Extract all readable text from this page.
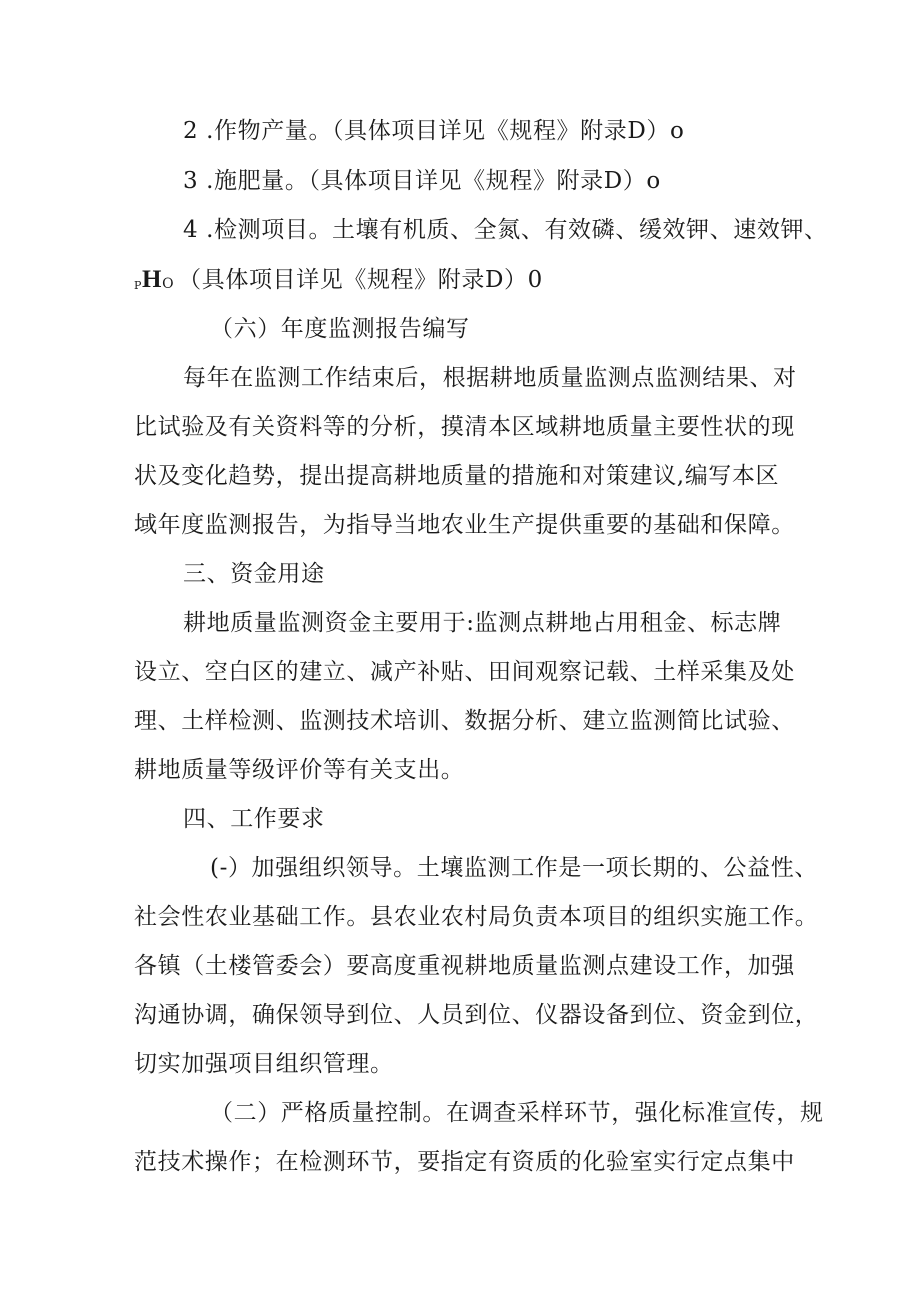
2 .作物产量。（具体项目详见《规程》附录D）o
3 .施肥量。（具体项目详见《规程》附录D）o
4 .检测项目。土壤有机质、全氮、有效磷、缓效钾、速效钾、
PHO （具体项目详见《规程》附录D）0
（六）年度监测报告编写
每年在监测工作结束后，根据耕地质量监测点监测结果、对
比试验及有关资料等的分析，摸清本区域耕地质量主要性状的现
状及变化趋势，提出提高耕地质量的措施和对策建议,编写本区
域年度监测报告，为指导当地农业生产提供重要的基础和保障。
三、资金用途
耕地质量监测资金主要用于:监测点耕地占用租金、标志牌
设立、空白区的建立、减产补贴、田间观察记载、土样采集及处
理、土样检测、监测技术培训、数据分析、建立监测简比试验、
耕地质量等级评价等有关支出。
四、工作要求
(-）加强组织领导。土壤监测工作是一项长期的、公益性、
社会性农业基础工作。县农业农村局负责本项目的组织实施工作。
各镇（土楼管委会）要高度重视耕地质量监测点建设工作，加强
沟通协调，确保领导到位、人员到位、仪器设备到位、资金到位，
切实加强项目组织管理。
（二）严格质量控制。在调查采样环节，强化标准宣传，规
范技术操作；在检测环节，要指定有资质的化验室实行定点集中
